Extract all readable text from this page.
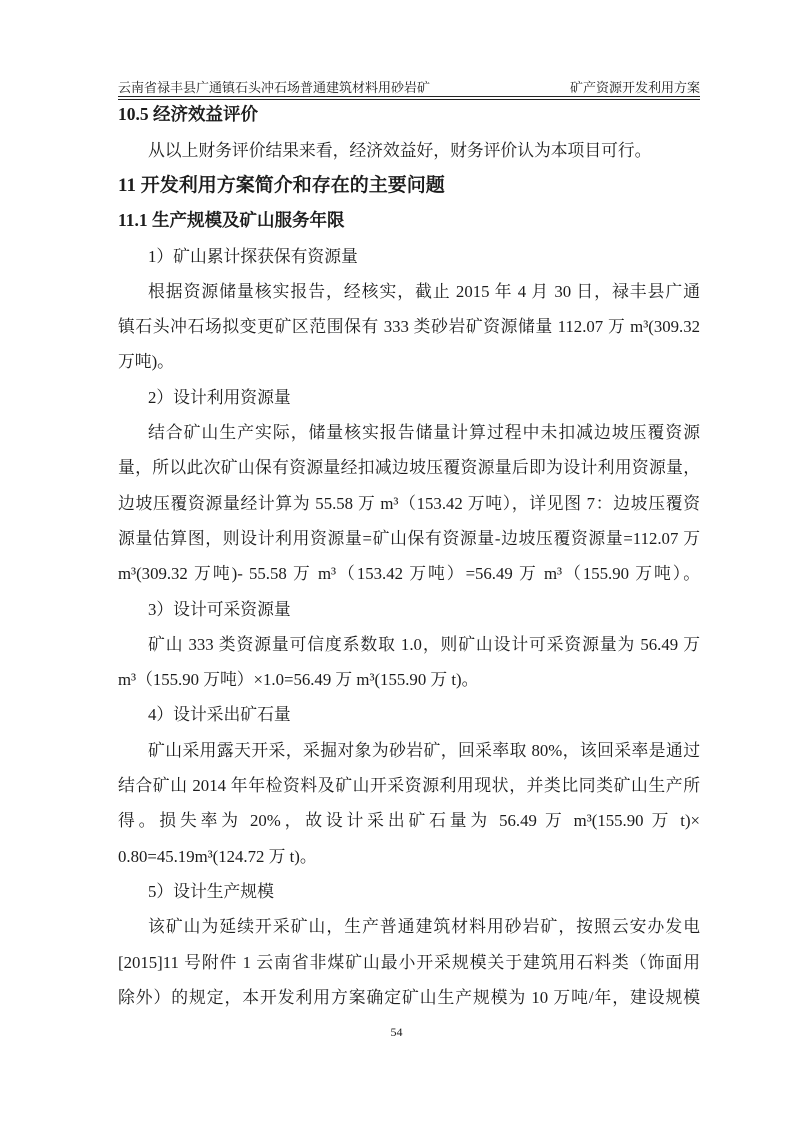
云南省禄丰县广通镇石头冲石场普通建筑材料用砂岩矿	矿产资源开发利用方案
10.5 经济效益评价
从以上财务评价结果来看，经济效益好，财务评价认为本项目可行。
11 开发利用方案简介和存在的主要问题
11.1 生产规模及矿山服务年限
1）矿山累计探获保有资源量
根据资源储量核实报告，经核实，截止 2015 年 4 月 30 日，禄丰县广通
镇石头冲石场拟变更矿区范围保有 333 类砂岩矿资源储量 112.07 万 m³(309.32
万吨)。
2）设计利用资源量
结合矿山生产实际，储量核实报告储量计算过程中未扣减边坡压覆资源
量，所以此次矿山保有资源量经扣减边坡压覆资源量后即为设计利用资源量，
边坡压覆资源量经计算为 55.58 万 m³（153.42 万吨），详见图 7：边坡压覆资
源量估算图，则设计利用资源量=矿山保有资源量-边坡压覆资源量=112.07 万
m³(309.32 万吨)- 55.58 万 m³（153.42 万吨）=56.49 万 m³（155.90 万吨）。
3）设计可采资源量
矿山 333 类资源量可信度系数取 1.0，则矿山设计可采资源量为 56.49 万
m³（155.90 万吨）×1.0=56.49 万 m³(155.90 万 t)。
4）设计采出矿石量
矿山采用露天开采，采掘对象为砂岩矿，回采率取 80%，该回采率是通过
结合矿山 2014 年年检资料及矿山开采资源利用现状，并类比同类矿山生产所
得。损失率为 20%，故设计采出矿石量为 56.49 万 m³(155.90 万 t)×
0.80=45.19m³(124.72 万 t)。
5）设计生产规模
该矿山为延续开采矿山，生产普通建筑材料用砂岩矿，按照云安办发电
[2015]11 号附件 1 云南省非煤矿山最小开采规模关于建筑用石料类（饰面用
除外）的规定，本开发利用方案确定矿山生产规模为 10 万吨/年，建设规模
54
